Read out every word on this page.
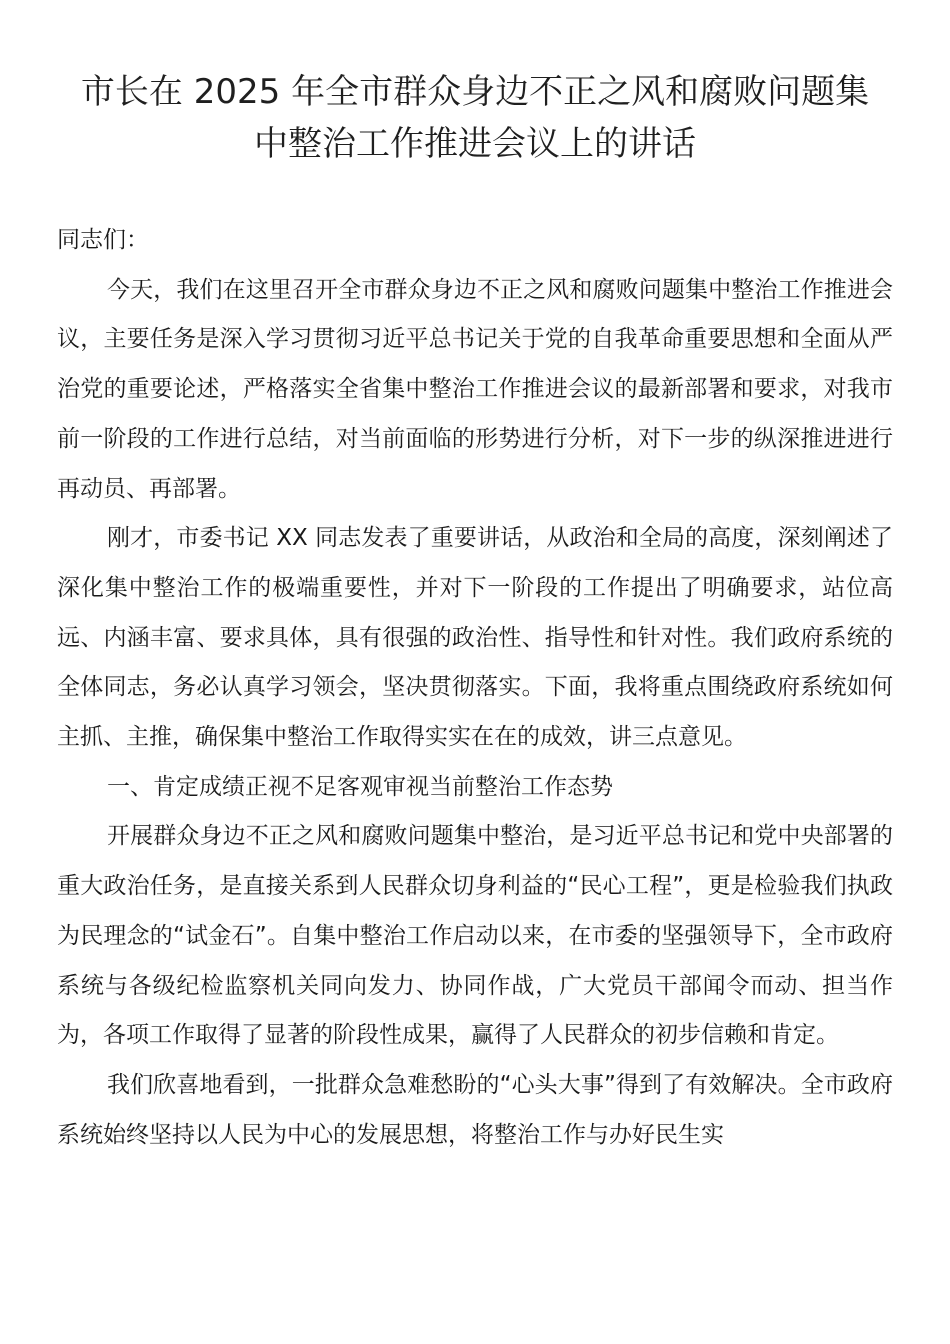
市长在 2025 年全市群众身边不正之风和腐败问题集
中整治工作推进会议上的讲话

同志们：

今天，我们在这里召开全市群众身边不正之风和腐败问题集中整治工作推进会议，主要任务是深入学习贯彻习近平总书记关于党的自我革命重要思想和全面从严治党的重要论述，严格落实全省集中整治工作推进会议的最新部署和要求，对我市前一阶段的工作进行总结，对当前面临的形势进行分析，对下一步的纵深推进进行再动员、再部署。

刚才，市委书记 XX 同志发表了重要讲话，从政治和全局的高度，深刻阐述了深化集中整治工作的极端重要性，并对下一阶段的工作提出了明确要求，站位高远、内涵丰富、要求具体，具有很强的政治性、指导性和针对性。我们政府系统的全体同志，务必认真学习领会，坚决贯彻落实。下面，我将重点围绕政府系统如何主抓、主推，确保集中整治工作取得实实在在的成效，讲三点意见。

一、肯定成绩正视不足客观审视当前整治工作态势

开展群众身边不正之风和腐败问题集中整治，是习近平总书记和党中央部署的重大政治任务，是直接关系到人民群众切身利益的“民心工程”，更是检验我们执政为民理念的“试金石”。自集中整治工作启动以来，在市委的坚强领导下，全市政府系统与各级纪检监察机关同向发力、协同作战，广大党员干部闻令而动、担当作为，各项工作取得了显著的阶段性成果，赢得了人民群众的初步信赖和肯定。

我们欣喜地看到，一批群众急难愁盼的“心头大事”得到了有效解决。全市政府系统始终坚持以人民为中心的发展思想，将整治工作与办好民生实
